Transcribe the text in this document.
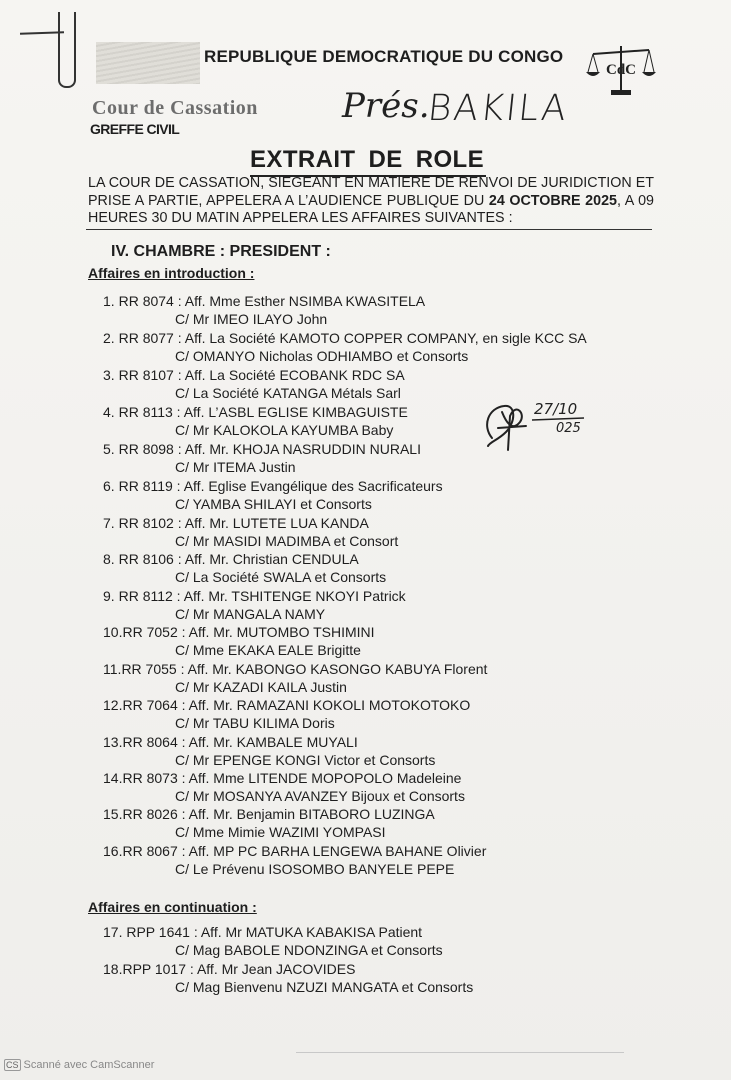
REPUBLIQUE DEMOCRATIQUE DU CONGO
CdC
Cour de Cassation
GREFFE CIVIL
Prés.
BAKILA
EXTRAIT DE ROLE
LA COUR DE CASSATION, SIEGEANT EN MATIERE DE RENVOI DE JURIDICTION ET PRISE A PARTIE, APPELERA A L’AUDIENCE PUBLIQUE DU 24 OCTOBRE 2025, A 09 HEURES 30 DU MATIN APPELERA LES AFFAIRES SUIVANTES :
IV. CHAMBRE : PRESIDENT :
Affaires en introduction :
1. RR 8074 : Aff. Mme Esther NSIMBA KWASITELA
C/ Mr IMEO ILAYO John
2. RR 8077 : Aff. La Société KAMOTO COPPER COMPANY, en sigle KCC SA
C/ OMANYO Nicholas ODHIAMBO et Consorts
3. RR 8107 : Aff. La Société ECOBANK RDC SA
C/ La Société KATANGA Métals Sarl
4. RR 8113 : Aff. L’ASBL EGLISE KIMBAGUISTE
C/ Mr KALOKOLA KAYUMBA Baby
5. RR 8098 : Aff. Mr. KHOJA NASRUDDIN NURALI
C/ Mr ITEMA Justin
6. RR 8119 : Aff. Eglise Evangélique des Sacrificateurs
C/ YAMBA SHILAYI et Consorts
7. RR 8102 : Aff. Mr. LUTETE LUA KANDA
C/ Mr MASIDI MADIMBA et Consort
8. RR 8106 : Aff. Mr. Christian CENDULA
C/ La Société SWALA et Consorts
9. RR 8112 : Aff. Mr. TSHITENGE NKOYI Patrick
C/ Mr MANGALA NAMY
10.RR 7052 : Aff. Mr. MUTOMBO TSHIMINI
C/ Mme EKAKA EALE Brigitte
11.RR 7055 : Aff. Mr. KABONGO KASONGO KABUYA Florent
C/ Mr KAZADI KAILA Justin
12.RR 7064 : Aff. Mr. RAMAZANI KOKOLI MOTOKOTOKO
C/ Mr TABU KILIMA Doris
13.RR 8064 : Aff. Mr. KAMBALE MUYALI
C/ Mr EPENGE KONGI Victor et Consorts
14.RR 8073 : Aff. Mme LITENDE MOPOPOLO Madeleine
C/ Mr MOSANYA AVANZEY Bijoux et Consorts
15.RR 8026 : Aff. Mr. Benjamin BITABORO LUZINGA
C/ Mme Mimie WAZIMI YOMPASI
16.RR 8067 : Aff. MP PC BARHA LENGEWA BAHANE Olivier
C/ Le Prévenu ISOSOMBO BANYELE PEPE
Affaires en continuation :
17. RPP 1641 : Aff. Mr MATUKA KABAKISA Patient
C/ Mag BABOLE NDONZINGA et Consorts
18.RPP 1017 : Aff. Mr Jean JACOVIDES
C/ Mag Bienvenu NZUZI MANGATA et Consorts
27/10
025
CS Scanné avec CamScanner
